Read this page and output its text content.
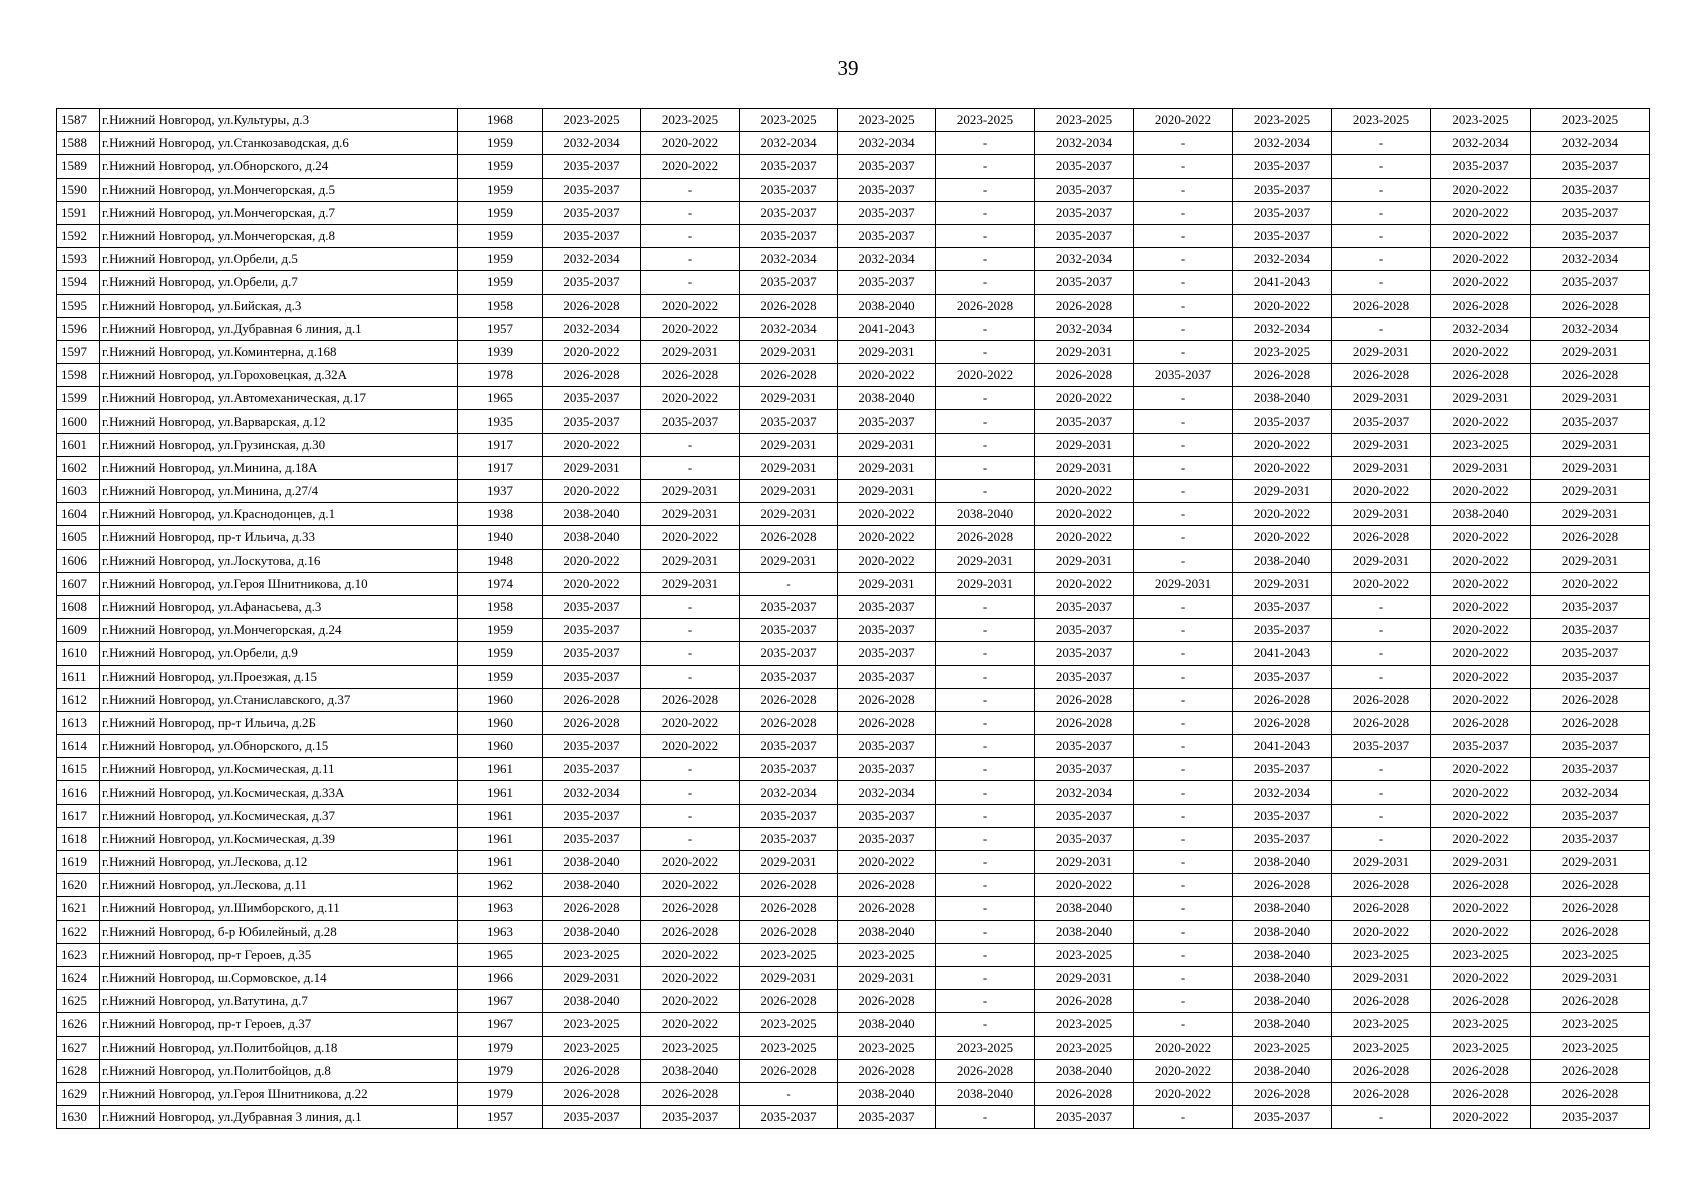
39
1587	г.Нижний Новгород, ул.Культуры, д.3	1968	2023-2025	2023-2025	2023-2025	2023-2025	2023-2025	2023-2025	2020-2022	2023-2025	2023-2025	2023-2025	2023-2025
1588	г.Нижний Новгород, ул.Станкозаводская, д.6	1959	2032-2034	2020-2022	2032-2034	2032-2034	-	2032-2034	-	2032-2034	-	2032-2034	2032-2034
1589	г.Нижний Новгород, ул.Обнорского, д.24	1959	2035-2037	2020-2022	2035-2037	2035-2037	-	2035-2037	-	2035-2037	-	2035-2037	2035-2037
1590	г.Нижний Новгород, ул.Мончегорская, д.5	1959	2035-2037	-	2035-2037	2035-2037	-	2035-2037	-	2035-2037	-	2020-2022	2035-2037
1591	г.Нижний Новгород, ул.Мончегорская, д.7	1959	2035-2037	-	2035-2037	2035-2037	-	2035-2037	-	2035-2037	-	2020-2022	2035-2037
1592	г.Нижний Новгород, ул.Мончегорская, д.8	1959	2035-2037	-	2035-2037	2035-2037	-	2035-2037	-	2035-2037	-	2020-2022	2035-2037
1593	г.Нижний Новгород, ул.Орбели, д.5	1959	2032-2034	-	2032-2034	2032-2034	-	2032-2034	-	2032-2034	-	2020-2022	2032-2034
1594	г.Нижний Новгород, ул.Орбели, д.7	1959	2035-2037	-	2035-2037	2035-2037	-	2035-2037	-	2041-2043	-	2020-2022	2035-2037
1595	г.Нижний Новгород, ул.Бийская, д.3	1958	2026-2028	2020-2022	2026-2028	2038-2040	2026-2028	2026-2028	-	2020-2022	2026-2028	2026-2028	2026-2028
1596	г.Нижний Новгород, ул.Дубравная 6 линия, д.1	1957	2032-2034	2020-2022	2032-2034	2041-2043	-	2032-2034	-	2032-2034	-	2032-2034	2032-2034
1597	г.Нижний Новгород, ул.Коминтерна, д.168	1939	2020-2022	2029-2031	2029-2031	2029-2031	-	2029-2031	-	2023-2025	2029-2031	2020-2022	2029-2031
1598	г.Нижний Новгород, ул.Гороховецкая, д.32А	1978	2026-2028	2026-2028	2026-2028	2020-2022	2020-2022	2026-2028	2035-2037	2026-2028	2026-2028	2026-2028	2026-2028
1599	г.Нижний Новгород, ул.Автомеханическая, д.17	1965	2035-2037	2020-2022	2029-2031	2038-2040	-	2020-2022	-	2038-2040	2029-2031	2029-2031	2029-2031
1600	г.Нижний Новгород, ул.Варварская, д.12	1935	2035-2037	2035-2037	2035-2037	2035-2037	-	2035-2037	-	2035-2037	2035-2037	2020-2022	2035-2037
1601	г.Нижний Новгород, ул.Грузинская, д.30	1917	2020-2022	-	2029-2031	2029-2031	-	2029-2031	-	2020-2022	2029-2031	2023-2025	2029-2031
1602	г.Нижний Новгород, ул.Минина, д.18А	1917	2029-2031	-	2029-2031	2029-2031	-	2029-2031	-	2020-2022	2029-2031	2029-2031	2029-2031
1603	г.Нижний Новгород, ул.Минина, д.27/4	1937	2020-2022	2029-2031	2029-2031	2029-2031	-	2020-2022	-	2029-2031	2020-2022	2020-2022	2029-2031
1604	г.Нижний Новгород, ул.Краснодонцев, д.1	1938	2038-2040	2029-2031	2029-2031	2020-2022	2038-2040	2020-2022	-	2020-2022	2029-2031	2038-2040	2029-2031
1605	г.Нижний Новгород, пр-т Ильича, д.33	1940	2038-2040	2020-2022	2026-2028	2020-2022	2026-2028	2020-2022	-	2020-2022	2026-2028	2020-2022	2026-2028
1606	г.Нижний Новгород, ул.Лоскутова, д.16	1948	2020-2022	2029-2031	2029-2031	2020-2022	2029-2031	2029-2031	-	2038-2040	2029-2031	2020-2022	2029-2031
1607	г.Нижний Новгород, ул.Героя Шнитникова, д.10	1974	2020-2022	2029-2031	-	2029-2031	2029-2031	2020-2022	2029-2031	2029-2031	2020-2022	2020-2022	2020-2022
1608	г.Нижний Новгород, ул.Афанасьева, д.3	1958	2035-2037	-	2035-2037	2035-2037	-	2035-2037	-	2035-2037	-	2020-2022	2035-2037
1609	г.Нижний Новгород, ул.Мончегорская, д.24	1959	2035-2037	-	2035-2037	2035-2037	-	2035-2037	-	2035-2037	-	2020-2022	2035-2037
1610	г.Нижний Новгород, ул.Орбели, д.9	1959	2035-2037	-	2035-2037	2035-2037	-	2035-2037	-	2041-2043	-	2020-2022	2035-2037
1611	г.Нижний Новгород, ул.Проезжая, д.15	1959	2035-2037	-	2035-2037	2035-2037	-	2035-2037	-	2035-2037	-	2020-2022	2035-2037
1612	г.Нижний Новгород, ул.Станиславского, д.37	1960	2026-2028	2026-2028	2026-2028	2026-2028	-	2026-2028	-	2026-2028	2026-2028	2020-2022	2026-2028
1613	г.Нижний Новгород, пр-т Ильича, д.2Б	1960	2026-2028	2020-2022	2026-2028	2026-2028	-	2026-2028	-	2026-2028	2026-2028	2026-2028	2026-2028
1614	г.Нижний Новгород, ул.Обнорского, д.15	1960	2035-2037	2020-2022	2035-2037	2035-2037	-	2035-2037	-	2041-2043	2035-2037	2035-2037	2035-2037
1615	г.Нижний Новгород, ул.Космическая, д.11	1961	2035-2037	-	2035-2037	2035-2037	-	2035-2037	-	2035-2037	-	2020-2022	2035-2037
1616	г.Нижний Новгород, ул.Космическая, д.33А	1961	2032-2034	-	2032-2034	2032-2034	-	2032-2034	-	2032-2034	-	2020-2022	2032-2034
1617	г.Нижний Новгород, ул.Космическая, д.37	1961	2035-2037	-	2035-2037	2035-2037	-	2035-2037	-	2035-2037	-	2020-2022	2035-2037
1618	г.Нижний Новгород, ул.Космическая, д.39	1961	2035-2037	-	2035-2037	2035-2037	-	2035-2037	-	2035-2037	-	2020-2022	2035-2037
1619	г.Нижний Новгород, ул.Лескова, д.12	1961	2038-2040	2020-2022	2029-2031	2020-2022	-	2029-2031	-	2038-2040	2029-2031	2029-2031	2029-2031
1620	г.Нижний Новгород, ул.Лескова, д.11	1962	2038-2040	2020-2022	2026-2028	2026-2028	-	2020-2022	-	2026-2028	2026-2028	2026-2028	2026-2028
1621	г.Нижний Новгород, ул.Шимборского, д.11	1963	2026-2028	2026-2028	2026-2028	2026-2028	-	2038-2040	-	2038-2040	2026-2028	2020-2022	2026-2028
1622	г.Нижний Новгород, б-р Юбилейный, д.28	1963	2038-2040	2026-2028	2026-2028	2038-2040	-	2038-2040	-	2038-2040	2020-2022	2020-2022	2026-2028
1623	г.Нижний Новгород, пр-т Героев, д.35	1965	2023-2025	2020-2022	2023-2025	2023-2025	-	2023-2025	-	2038-2040	2023-2025	2023-2025	2023-2025
1624	г.Нижний Новгород, ш.Сормовское, д.14	1966	2029-2031	2020-2022	2029-2031	2029-2031	-	2029-2031	-	2038-2040	2029-2031	2020-2022	2029-2031
1625	г.Нижний Новгород, ул.Ватутина, д.7	1967	2038-2040	2020-2022	2026-2028	2026-2028	-	2026-2028	-	2038-2040	2026-2028	2026-2028	2026-2028
1626	г.Нижний Новгород, пр-т Героев, д.37	1967	2023-2025	2020-2022	2023-2025	2038-2040	-	2023-2025	-	2038-2040	2023-2025	2023-2025	2023-2025
1627	г.Нижний Новгород, ул.Политбойцов, д.18	1979	2023-2025	2023-2025	2023-2025	2023-2025	2023-2025	2023-2025	2020-2022	2023-2025	2023-2025	2023-2025	2023-2025
1628	г.Нижний Новгород, ул.Политбойцов, д.8	1979	2026-2028	2038-2040	2026-2028	2026-2028	2026-2028	2038-2040	2020-2022	2038-2040	2026-2028	2026-2028	2026-2028
1629	г.Нижний Новгород, ул.Героя Шнитникова, д.22	1979	2026-2028	2026-2028	-	2038-2040	2038-2040	2026-2028	2020-2022	2026-2028	2026-2028	2026-2028	2026-2028
1630	г.Нижний Новгород, ул.Дубравная 3 линия, д.1	1957	2035-2037	2035-2037	2035-2037	2035-2037	-	2035-2037	-	2035-2037	-	2020-2022	2035-2037
